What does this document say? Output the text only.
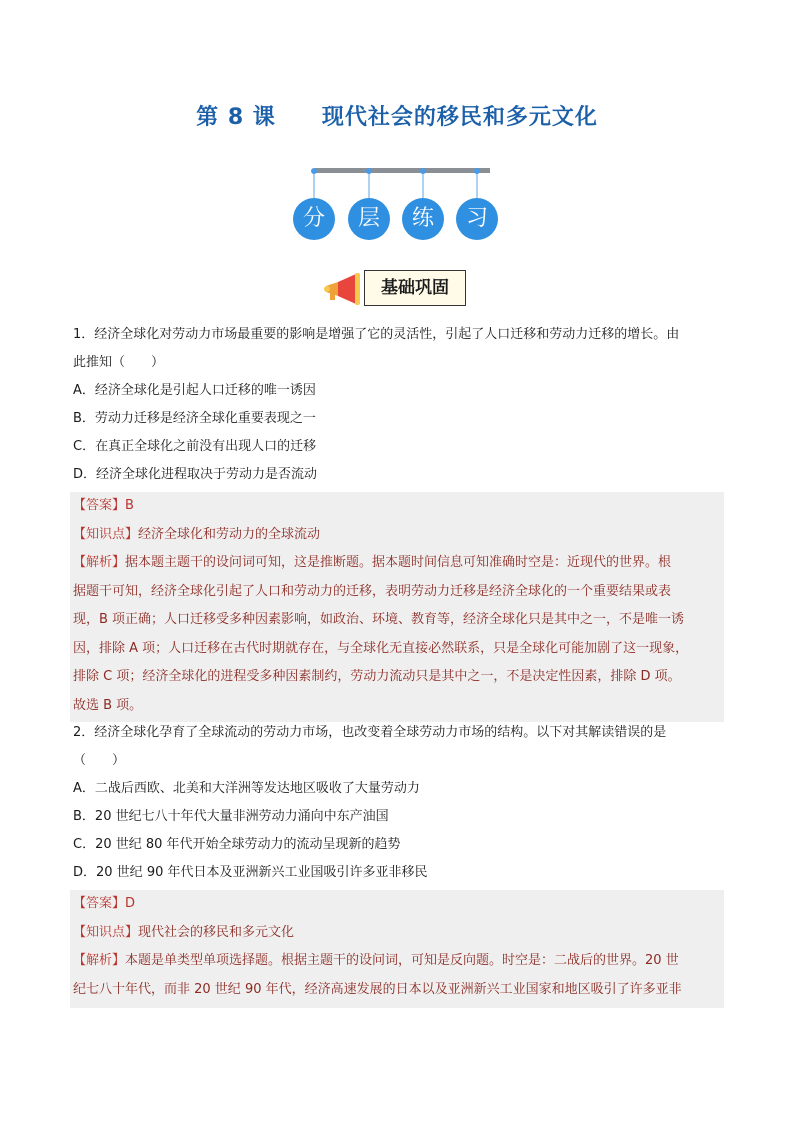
第 8 课 现代社会的移民和多元文化
分	层	练	习
基础巩固

1．经济全球化对劳动力市场最重要的影响是增强了它的灵活性，引起了人口迁移和劳动力迁移的增长。由

此推知（　　）

A．经济全球化是引起人口迁移的唯一诱因

B．劳动力迁移是经济全球化重要表现之一

C．在真正全球化之前没有出现人口的迁移

D．经济全球化进程取决于劳动力是否流动

【答案】B

【知识点】经济全球化和劳动力的全球流动

【解析】据本题主题干的设问词可知，这是推断题。据本题时间信息可知准确时空是：近现代的世界。根

据题干可知，经济全球化引起了人口和劳动力的迁移，表明劳动力迁移是经济全球化的一个重要结果或表

现，B 项正确；人口迁移受多种因素影响，如政治、环境、教育等，经济全球化只是其中之一，不是唯一诱

因，排除 A 项；人口迁移在古代时期就存在，与全球化无直接必然联系，只是全球化可能加剧了这一现象，

排除 C 项；经济全球化的进程受多种因素制约，劳动力流动只是其中之一，不是决定性因素，排除 D 项。

故选 B 项。

2．经济全球化孕育了全球流动的劳动力市场，也改变着全球劳动力市场的结构。以下对其解读错误的是

（　　）

A．二战后西欧、北美和大洋洲等发达地区吸收了大量劳动力

B．20 世纪七八十年代大量非洲劳动力涌向中东产油国

C．20 世纪 80 年代开始全球劳动力的流动呈现新的趋势

D．20 世纪 90 年代日本及亚洲新兴工业国吸引许多亚非移民

【答案】D

【知识点】现代社会的移民和多元文化

【解析】本题是单类型单项选择题。根据主题干的设问词，可知是反向题。时空是：二战后的世界。20 世

纪七八十年代，而非 20 世纪 90 年代，经济高速发展的日本以及亚洲新兴工业国家和地区吸引了许多亚非
